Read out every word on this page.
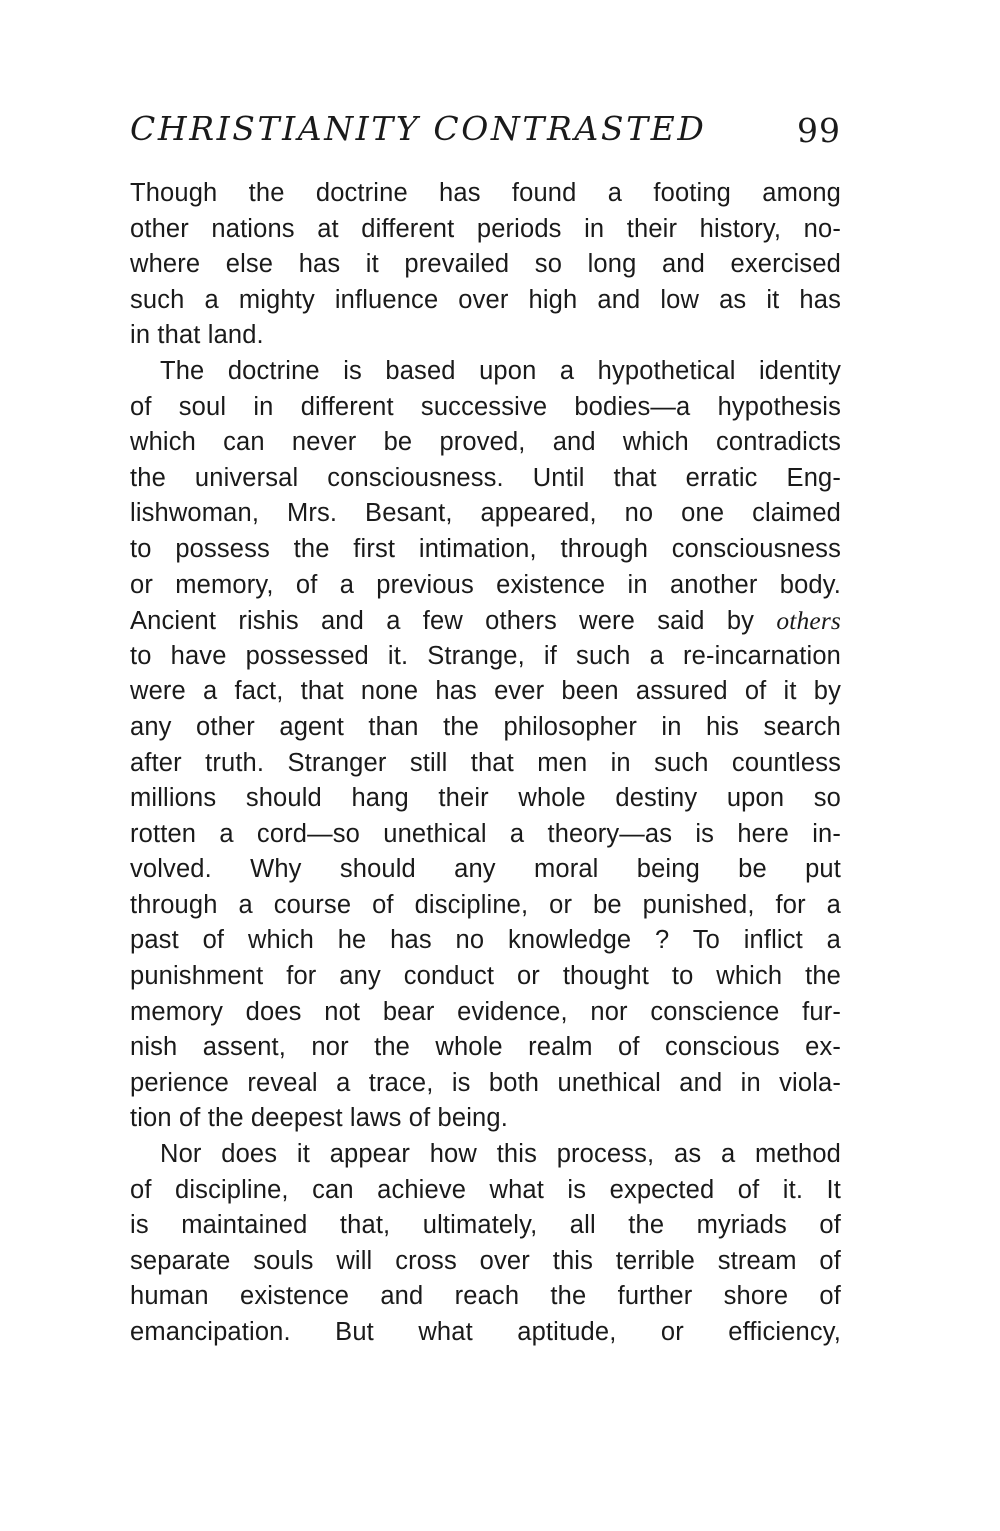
CHRISTIANITY CONTRASTED	99
Though the doctrine has found a footing among
other nations at different periods in their history, no-
where else has it prevailed so long and exercised
such a mighty influence over high and low as it has
in that land.
The doctrine is based upon a hypothetical identity
of soul in different successive bodies—a hypothesis
which can never be proved, and which contradicts
the universal consciousness. Until that erratic Eng-
lishwoman, Mrs. Besant, appeared, no one claimed
to possess the first intimation, through consciousness
or memory, of a previous existence in another body.
Ancient rishis and a few others were said by others
to have possessed it. Strange, if such a re-incarnation
were a fact, that none has ever been assured of it by
any other agent than the philosopher in his search
after truth. Stranger still that men in such countless
millions should hang their whole destiny upon so
rotten a cord—so unethical a theory—as is here in-
volved. Why should any moral being be put
through a course of discipline, or be punished, for a
past of which he has no knowledge ? To inflict a
punishment for any conduct or thought to which the
memory does not bear evidence, nor conscience fur-
nish assent, nor the whole realm of conscious ex-
perience reveal a trace, is both unethical and in viola-
tion of the deepest laws of being.
Nor does it appear how this process, as a method
of discipline, can achieve what is expected of it. It
is maintained that, ultimately, all the myriads of
separate souls will cross over this terrible stream of
human existence and reach the further shore of
emancipation. But what aptitude, or efficiency,
